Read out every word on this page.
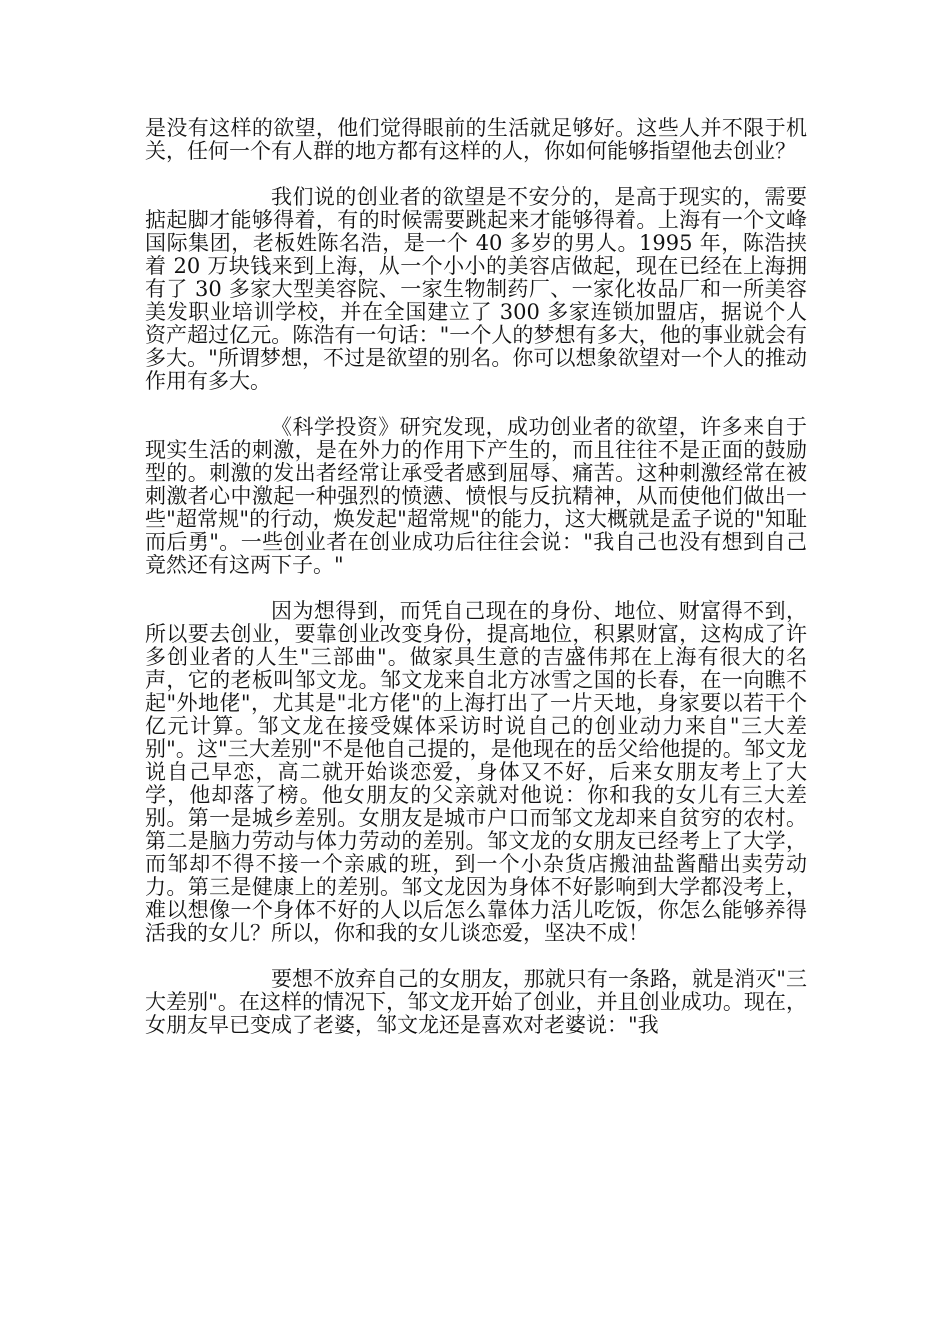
是没有这样的欲望，他们觉得眼前的生活就足够好。这些人并不限于机关，任何一个有人群的地方都有这样的人，你如何能够指望他去创业？

我们说的创业者的欲望是不安分的，是高于现实的，需要掂起脚才能够得着，有的时候需要跳起来才能够得着。上海有一个文峰国际集团，老板姓陈名浩，是一个 40 多岁的男人。1995 年，陈浩挟着 20 万块钱来到上海，从一个小小的美容店做起，现在已经在上海拥有了 30 多家大型美容院、一家生物制药厂、一家化妆品厂和一所美容美发职业培训学校，并在全国建立了 300 多家连锁加盟店，据说个人资产超过亿元。陈浩有一句话："一个人的梦想有多大，他的事业就会有多大。"所谓梦想，不过是欲望的别名。你可以想象欲望对一个人的推动作用有多大。

《科学投资》研究发现，成功创业者的欲望，许多来自于现实生活的刺激，是在外力的作用下产生的，而且往往不是正面的鼓励型的。刺激的发出者经常让承受者感到屈辱、痛苦。这种刺激经常在被刺激者心中激起一种强烈的愤懑、愤恨与反抗精神，从而使他们做出一些"超常规"的行动，焕发起"超常规"的能力，这大概就是孟子说的"知耻而后勇"。一些创业者在创业成功后往往会说："我自己也没有想到自己竟然还有这两下子。"

因为想得到，而凭自己现在的身份、地位、财富得不到，所以要去创业，要靠创业改变身份，提高地位，积累财富，这构成了许多创业者的人生"三部曲"。做家具生意的吉盛伟邦在上海有很大的名声，它的老板叫邹文龙。邹文龙来自北方冰雪之国的长春，在一向瞧不起"外地佬"，尤其是"北方佬"的上海打出了一片天地，身家要以若干个亿元计算。邹文龙在接受媒体采访时说自己的创业动力来自"三大差别"。这"三大差别"不是他自己提的，是他现在的岳父给他提的。邹文龙说自己早恋，高二就开始谈恋爱，身体又不好，后来女朋友考上了大学，他却落了榜。他女朋友的父亲就对他说：你和我的女儿有三大差别。第一是城乡差别。女朋友是城市户口而邹文龙却来自贫穷的农村。第二是脑力劳动与体力劳动的差别。邹文龙的女朋友已经考上了大学，而邹却不得不接一个亲戚的班，到一个小杂货店搬油盐酱醋出卖劳动力。第三是健康上的差别。邹文龙因为身体不好影响到大学都没考上，难以想像一个身体不好的人以后怎么靠体力活儿吃饭，你怎么能够养得活我的女儿？所以，你和我的女儿谈恋爱，坚决不成！

要想不放弃自己的女朋友，那就只有一条路，就是消灭"三大差别"。在这样的情况下，邹文龙开始了创业，并且创业成功。现在，女朋友早已变成了老婆，邹文龙还是喜欢对老婆说："我
